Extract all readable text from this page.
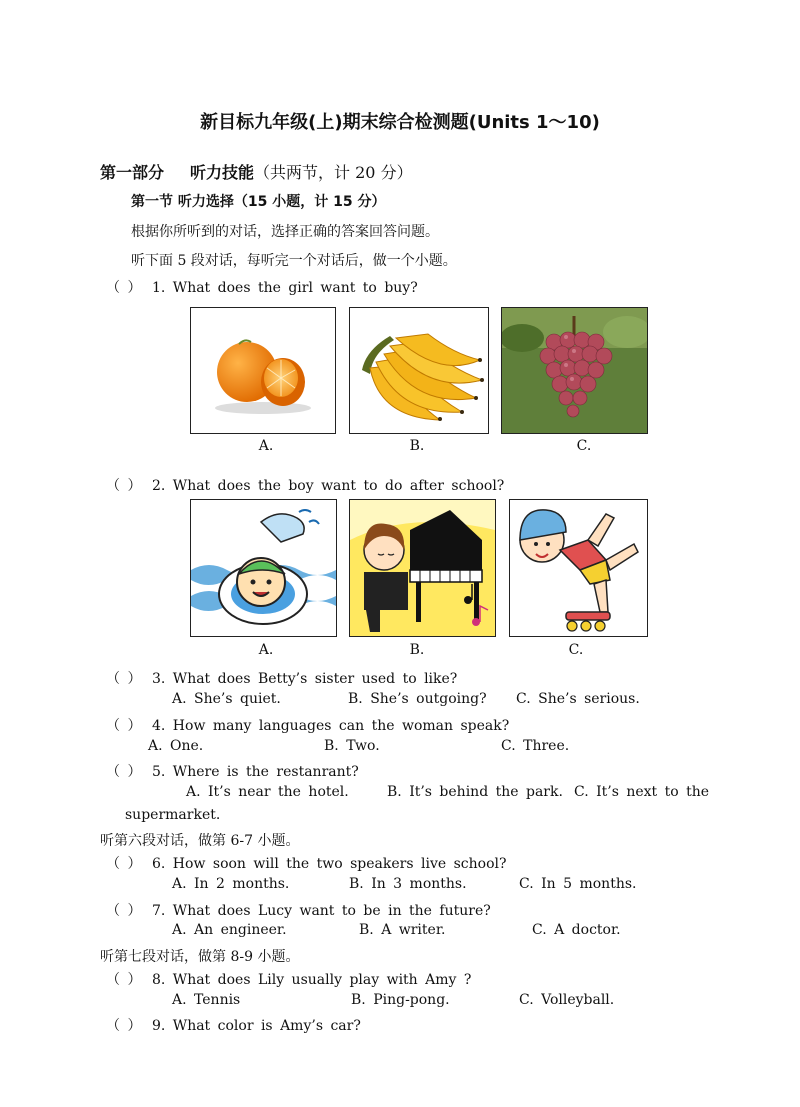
新目标九年级(上)期末综合检测题(Units 1～10)
第一部分 听力技能（共两节，计 20 分）
第一节 听力选择（15 小题，计 15 分）
根据你所听到的对话，选择正确的答案回答问题。
听下面 5 段对话，每听完一个对话后，做一个小题。
（ ） 1. What does the girl want to buy?
A.	B.	C.
（ ） 2. What does the boy want to do after school?
A.	B.	C.
（ ） 3. What does Betty’s sister used to like?
A. She’s quiet.	B. She’s outgoing? C. She’s serious.
（ ） 4. How many languages can the woman speak?
A. One.	B. Two.	C. Three.
（ ） 5. Where is the restanrant?
A. It’s near the hotel.	B. It’s behind the park. C. It’s next to the
supermarket.
听第六段对话，做第 6-7 小题。
（ ） 6. How soon will the two speakers live school?
A. In 2 months.	B. In 3 months.	C. In 5 months.
（ ） 7. What does Lucy want to be in the future?
A. An engineer.	B. A writer.	C. A doctor.
听第七段对话，做第 8-9 小题。
（ ） 8. What does Lily usually play with Amy ?
A. Tennis	B. Ping-pong.	C. Volleyball.
（ ） 9. What color is Amy’s car?
